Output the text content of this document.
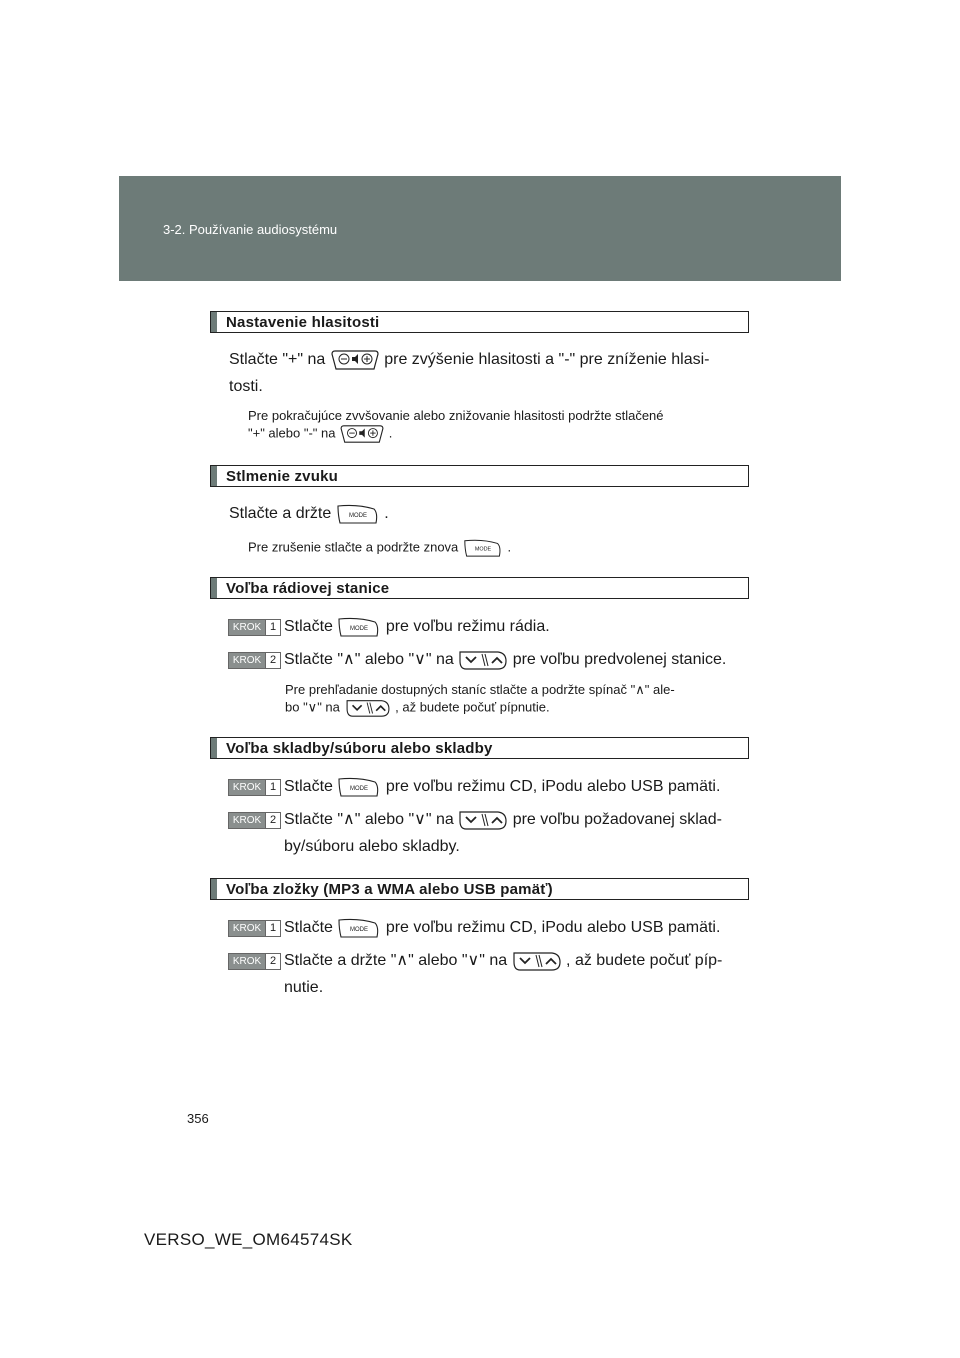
3-2. Používanie audiosystému
Nastavenie hlasitosti
Stlačte "+" na	pre zvýšenie hlasitosti a "-" pre zníženie hlasi-
tosti.
Pre pokračujúce zvvšovanie alebo znižovanie hlasitosti podržte stlačené
"+" alebo "-" na	.
Stlmenie zvuku
Stlačte a držte	MODE .
Pre zrušenie stlačte a podržte znova	MODE .
Voľba rádiovej stanice
KROK 1 Stlačte	MODE pre voľbu režimu rádia.
KROK 2 Stlačte "∧" alebo "∨" na	pre voľbu predvolenej stanice.
Pre prehľadanie dostupných staníc stlačte a podržte spínač "∧" ale-
bo "∨" na	, až budete počuť pípnutie.
Voľba skladby/súboru alebo skladby
KROK 1 Stlačte	MODE pre voľbu režimu CD, iPodu alebo USB pamäti.
KROK 2 Stlačte "∧" alebo "∨" na	pre voľbu požadovanej sklad-
by/súboru alebo skladby.
Voľba zložky (MP3 a WMA alebo USB pamäť)
KROK 1 Stlačte	MODE pre voľbu režimu CD, iPodu alebo USB pamäti.
KROK 2 Stlačte a držte "∧" alebo "∨" na	, až budete počuť píp-
nutie.
356
VERSO_WE_OM64574SK
